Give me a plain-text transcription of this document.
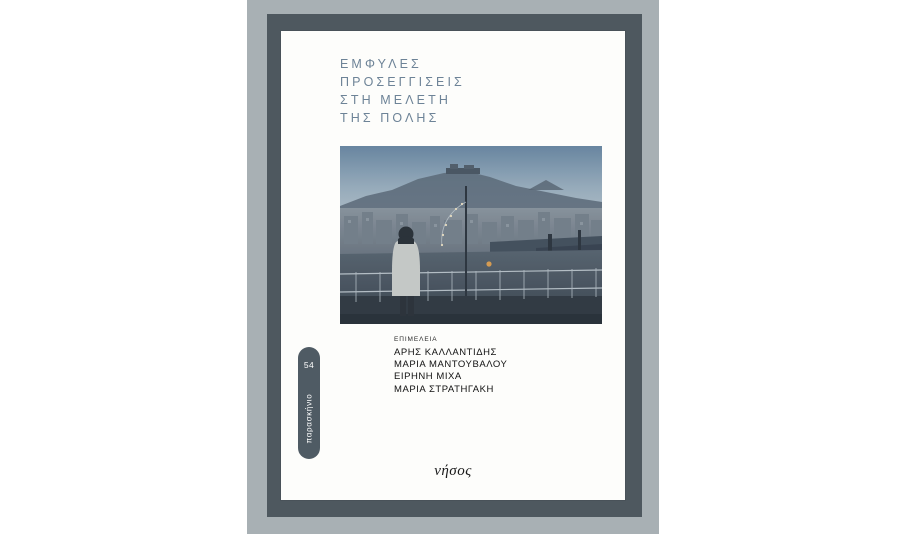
ΕΜΦΥΛΕΣ
ΠΡΟΣΕΓΓΙΣΕΙΣ
ΣΤΗ ΜΕΛΕΤΗ
ΤΗΣ ΠΟΛΗΣ
ΕΠΙΜΕΛΕΙΑ
ΑΡΗΣ ΚΑΛΛΑΝΤΙΔΗΣ
ΜΑΡΙΑ ΜΑΝΤΟΥΒΑΛΟΥ
ΕΙΡΗΝΗ ΜΙΧΑ
ΜΑΡΙΑ ΣΤΡΑΤΗΓΑΚΗ
54
παρασκήνιο
νήσος
